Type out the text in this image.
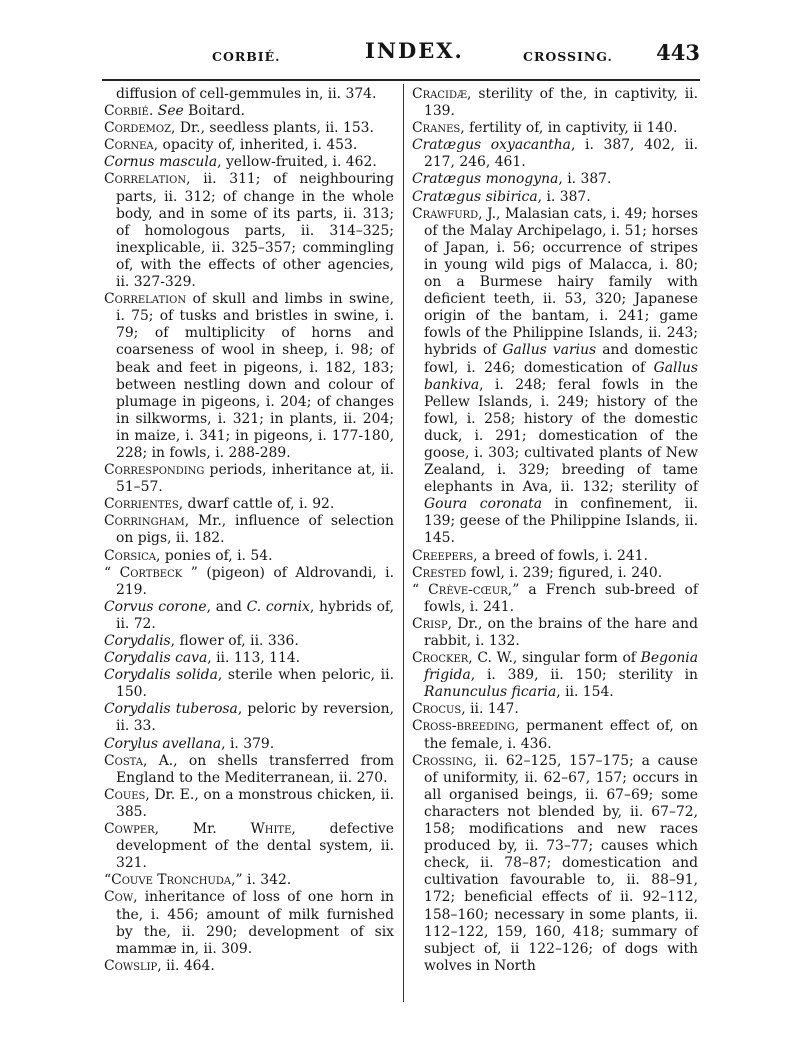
CORBIÉ.	INDEX.	CROSSING. 443

diffusion of cell-gemmules in, ii. 374.

Corbié. See Boitard.

Cordemoz, Dr., seedless plants, ii. 153.

Cornea, opacity of, inherited, i. 453.

Cornus mascula, yellow-fruited, i. 462.

Correlation, ii. 311; of neighbouring parts, ii. 312; of change in the whole body, and in some of its parts, ii. 313; of homologous parts, ii. 314–325; inexplicable, ii. 325–357; commingling of, with the effects of other agencies, ii. 327-329.

Correlation of skull and limbs in swine, i. 75; of tusks and bristles in swine, i. 79; of multiplicity of horns and coarseness of wool in sheep, i. 98; of beak and feet in pigeons, i. 182, 183; between nestling down and colour of plumage in pigeons, i. 204; of changes in silkworms, i. 321; in plants, ii. 204; in maize, i. 341; in pigeons, i. 177-180, 228; in fowls, i. 288-289.

Corresponding periods, inheritance at, ii. 51–57.

Corrientes, dwarf cattle of, i. 92.

Corringham, Mr., influence of selection on pigs, ii. 182.

Corsica, ponies of, i. 54.

“ Cortbeck ” (pigeon) of Aldrovandi, i. 219.

Corvus corone, and C. cornix, hybrids of, ii. 72.

Corydalis, flower of, ii. 336.

Corydalis cava, ii. 113, 114.

Corydalis solida, sterile when peloric, ii. 150.

Corydalis tuberosa, peloric by reversion, ii. 33.

Corylus avellana, i. 379.

Costa, A., on shells transferred from England to the Mediterranean, ii. 270.

Coues, Dr. E., on a monstrous chicken, ii. 385.

Cowper, Mr. White, defective development of the dental system, ii. 321.

“Couve Tronchuda,” i. 342.

Cow, inheritance of loss of one horn in the, i. 456; amount of milk furnished by the, ii. 290; development of six mammæ in, ii. 309.

Cowslip, ii. 464.

Cracidæ, sterility of the, in captivity, ii. 139.

Cranes, fertility of, in captivity, ii 140.

Cratægus oxyacantha, i. 387, 402, ii. 217, 246, 461.

Cratægus monogyna, i. 387.

Cratægus sibirica, i. 387.

Crawfurd, J., Malasian cats, i. 49; horses of the Malay Archipelago, i. 51; horses of Japan, i. 56; occurrence of stripes in young wild pigs of Malacca, i. 80; on a Burmese hairy family with deficient teeth, ii. 53, 320; Japanese origin of the bantam, i. 241; game fowls of the Philippine Islands, ii. 243; hybrids of Gallus varius and domestic fowl, i. 246; domestication of Gallus bankiva, i. 248; feral fowls in the Pellew Islands, i. 249; history of the fowl, i. 258; history of the domestic duck, i. 291; domestication of the goose, i. 303; cultivated plants of New Zealand, i. 329; breeding of tame elephants in Ava, ii. 132; sterility of Goura coronata in confinement, ii. 139; geese of the Philippine Islands, ii. 145.

Creepers, a breed of fowls, i. 241.

Crested fowl, i. 239; figured, i. 240.

“ Crève-cœur,” a French sub-breed of fowls, i. 241.

Crisp, Dr., on the brains of the hare and rabbit, i. 132.

Crocker, C. W., singular form of Begonia frigida, i. 389, ii. 150; sterility in Ranunculus ficaria, ii. 154.

Crocus, ii. 147.

Cross-breeding, permanent effect of, on the female, i. 436.

Crossing, ii. 62–125, 157–175; a cause of uniformity, ii. 62–67, 157; occurs in all organised beings, ii. 67–69; some characters not blended by, ii. 67–72, 158; modifications and new races produced by, ii. 73–77; causes which check, ii. 78–87; domestication and cultivation favourable to, ii. 88–91, 172; beneficial effects of ii. 92–112, 158–160; necessary in some plants, ii. 112–122, 159, 160, 418; summary of subject of, ii 122–126; of dogs with wolves in North
